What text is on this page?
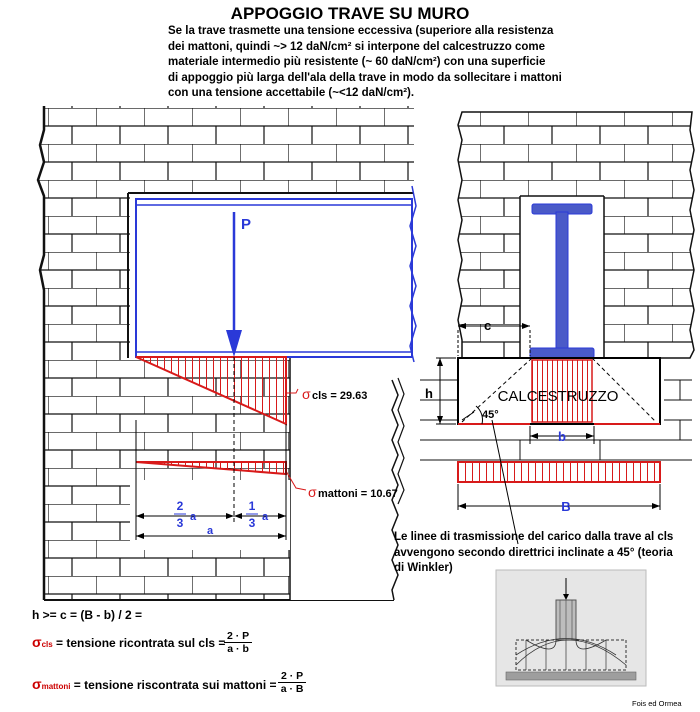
APPOGGIO TRAVE SU MURO
Se la trave trasmette una tensione eccessiva (superiore alla resistenza
dei mattoni, quindi ~> 12 daN/cm² si interpone del calcestruzzo come
materiale intermedio più resistente (~ 60 daN/cm²) con una superficie
di appoggio più larga dell'ala della trave in modo da sollecitare i mattoni
con una tensione accettabile (~<12 daN/cm²).
P
σ cls = 29.63
σ mattoni = 10.67
2
3 a
1
3 a
a
CALCESTRUZZO
45°
c
h
b
B
h >= c = (B - b) / 2 =
σcls = tensione ricontrata sul cls =
$\frac{2 \cdot P}{a \cdot b}$
σmattoni = tensione riscontrata sui mattoni = $\frac{2 \cdot P}{a \cdot B}$
Le linee di trasmissione del carico dalla trave al cls
avvengono secondo direttrici inclinate a 45° (teoria
di Winkler)
Fois ed Ormea
